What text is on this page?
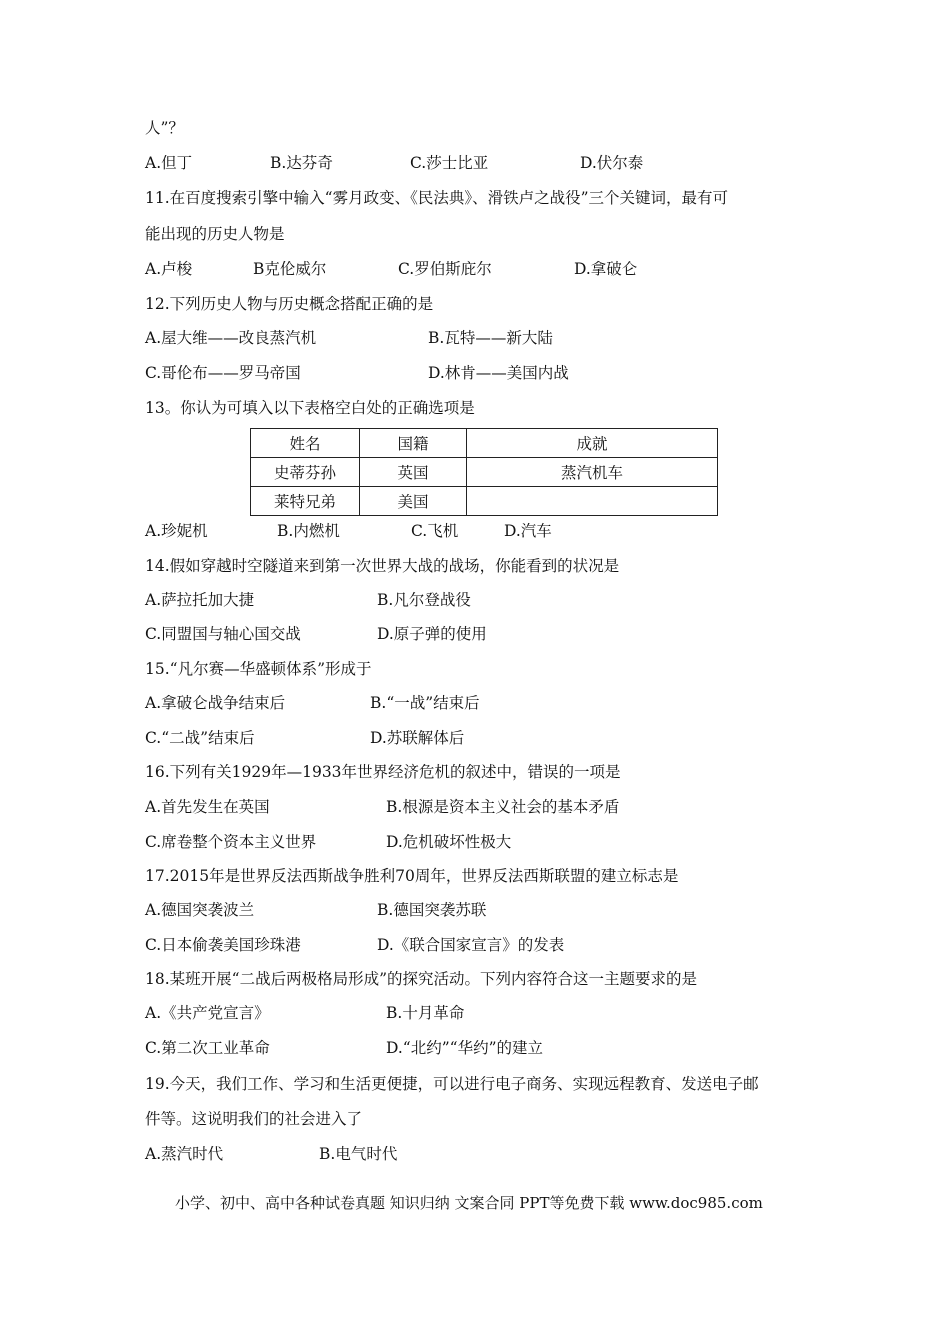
人”？
A.但丁	B.达芬奇	C.莎士比亚	D.伏尔泰
11.在百度搜索引擎中输入“雾月政变、《民法典》、滑铁卢之战役”三个关键词，最有可
能出现的历史人物是
A.卢梭	B克伦威尔	C.罗伯斯庇尔	D.拿破仑
12.下列历史人物与历史概念搭配正确的是
A.屋大维——改良蒸汽机	B.瓦特——新大陆
C.哥伦布——罗马帝国	D.林肯——美国内战
13。你认为可填入以下表格空白处的正确选项是
姓名	国籍	成就
史蒂芬孙	英国	蒸汽机车
莱特兄弟	美国	
A.珍妮机	B.内燃机	C.飞机	D.汽车
14.假如穿越时空隧道来到第一次世界大战的战场，你能看到的状况是
A.萨拉托加大捷	B.凡尔登战役
C.同盟国与轴心国交战	D.原子弹的使用
15.“凡尔赛—华盛顿体系”形成于
A.拿破仑战争结束后	B.“一战”结束后
C.“二战”结束后	D.苏联解体后
16.下列有关1929年—1933年世界经济危机的叙述中，错误的一项是
A.首先发生在英国	B.根源是资本主义社会的基本矛盾
C.席卷整个资本主义世界	D.危机破坏性极大
17.2015年是世界反法西斯战争胜利70周年，世界反法西斯联盟的建立标志是
A.德国突袭波兰	B.德国突袭苏联
C.日本偷袭美国珍珠港	D.《联合国家宣言》的发表
18.某班开展“二战后两极格局形成”的探究活动。下列内容符合这一主题要求的是
A.《共产党宣言》	B.十月革命
C.第二次工业革命	D.“北约”“华约”的建立
19.今天，我们工作、学习和生活更便捷，可以进行电子商务、实现远程教育、发送电子邮
件等。这说明我们的社会进入了
A.蒸汽时代	B.电气时代
小学、初中、高中各种试卷真题 知识归纳 文案合同 PPT等免费下载 www.doc985.com
